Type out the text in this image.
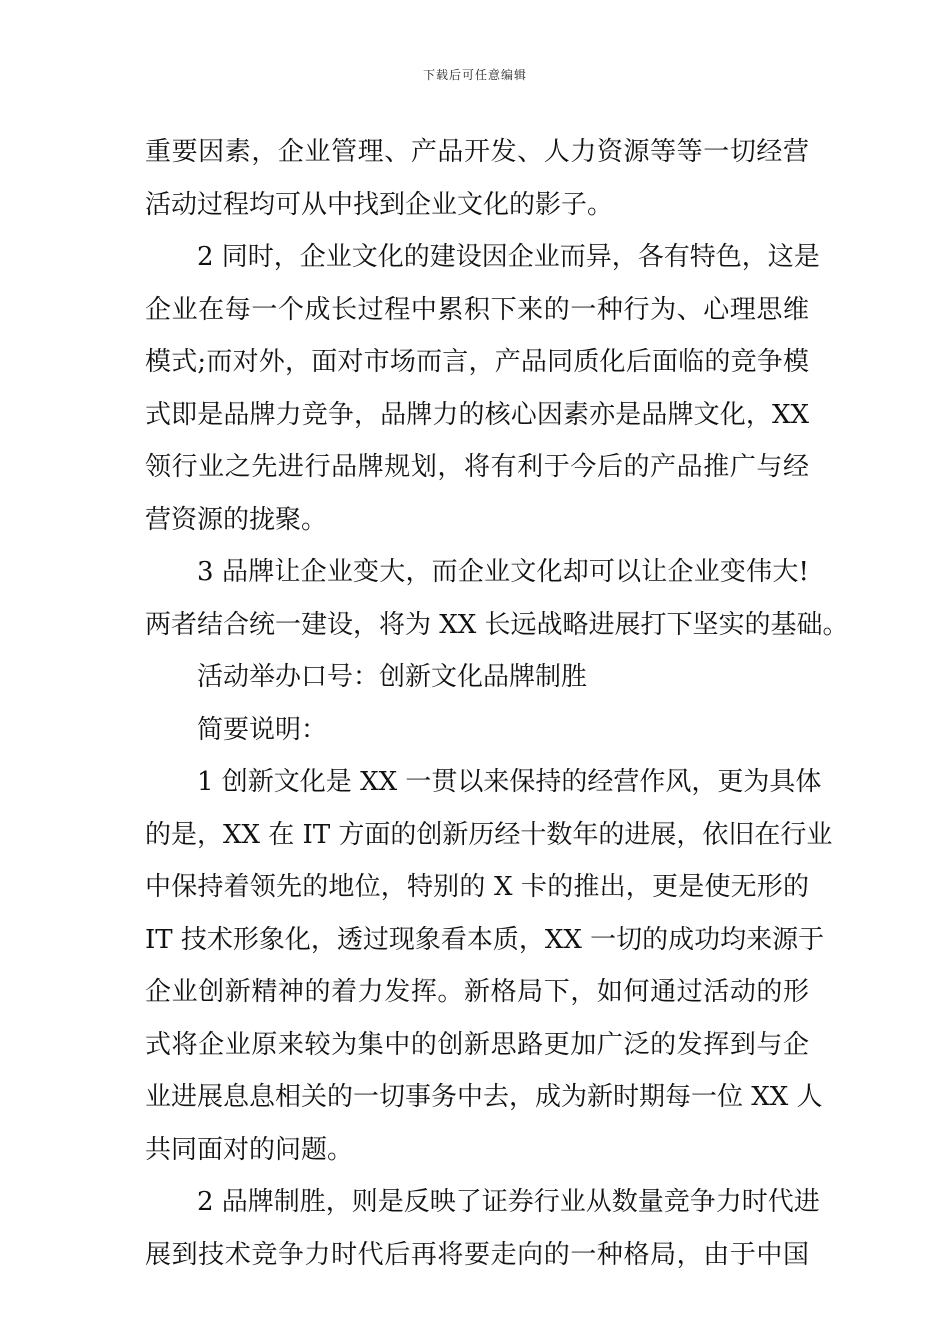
下载后可任意编辑
重要因素，企业管理、产品开发、人力资源等等一切经营
活动过程均可从中找到企业文化的影子。
2 同时，企业文化的建设因企业而异，各有特色，这是
企业在每一个成长过程中累积下来的一种行为、心理思维
模式;而对外，面对市场而言，产品同质化后面临的竞争模
式即是品牌力竞争，品牌力的核心因素亦是品牌文化，XX
领行业之先进行品牌规划，将有利于今后的产品推广与经
营资源的拢聚。
3 品牌让企业变大，而企业文化却可以让企业变伟大!
两者结合统一建设，将为 XX 长远战略进展打下坚实的基础。
活动举办口号：创新文化品牌制胜
简要说明：
1 创新文化是 XX 一贯以来保持的经营作风，更为具体
的是，XX 在 IT 方面的创新历经十数年的进展，依旧在行业
中保持着领先的地位，特别的 X 卡的推出，更是使无形的
IT 技术形象化，透过现象看本质，XX 一切的成功均来源于
企业创新精神的着力发挥。新格局下，如何通过活动的形
式将企业原来较为集中的创新思路更加广泛的发挥到与企
业进展息息相关的一切事务中去，成为新时期每一位 XX 人
共同面对的问题。
2 品牌制胜，则是反映了证券行业从数量竞争力时代进
展到技术竞争力时代后再将要走向的一种格局，由于中国
